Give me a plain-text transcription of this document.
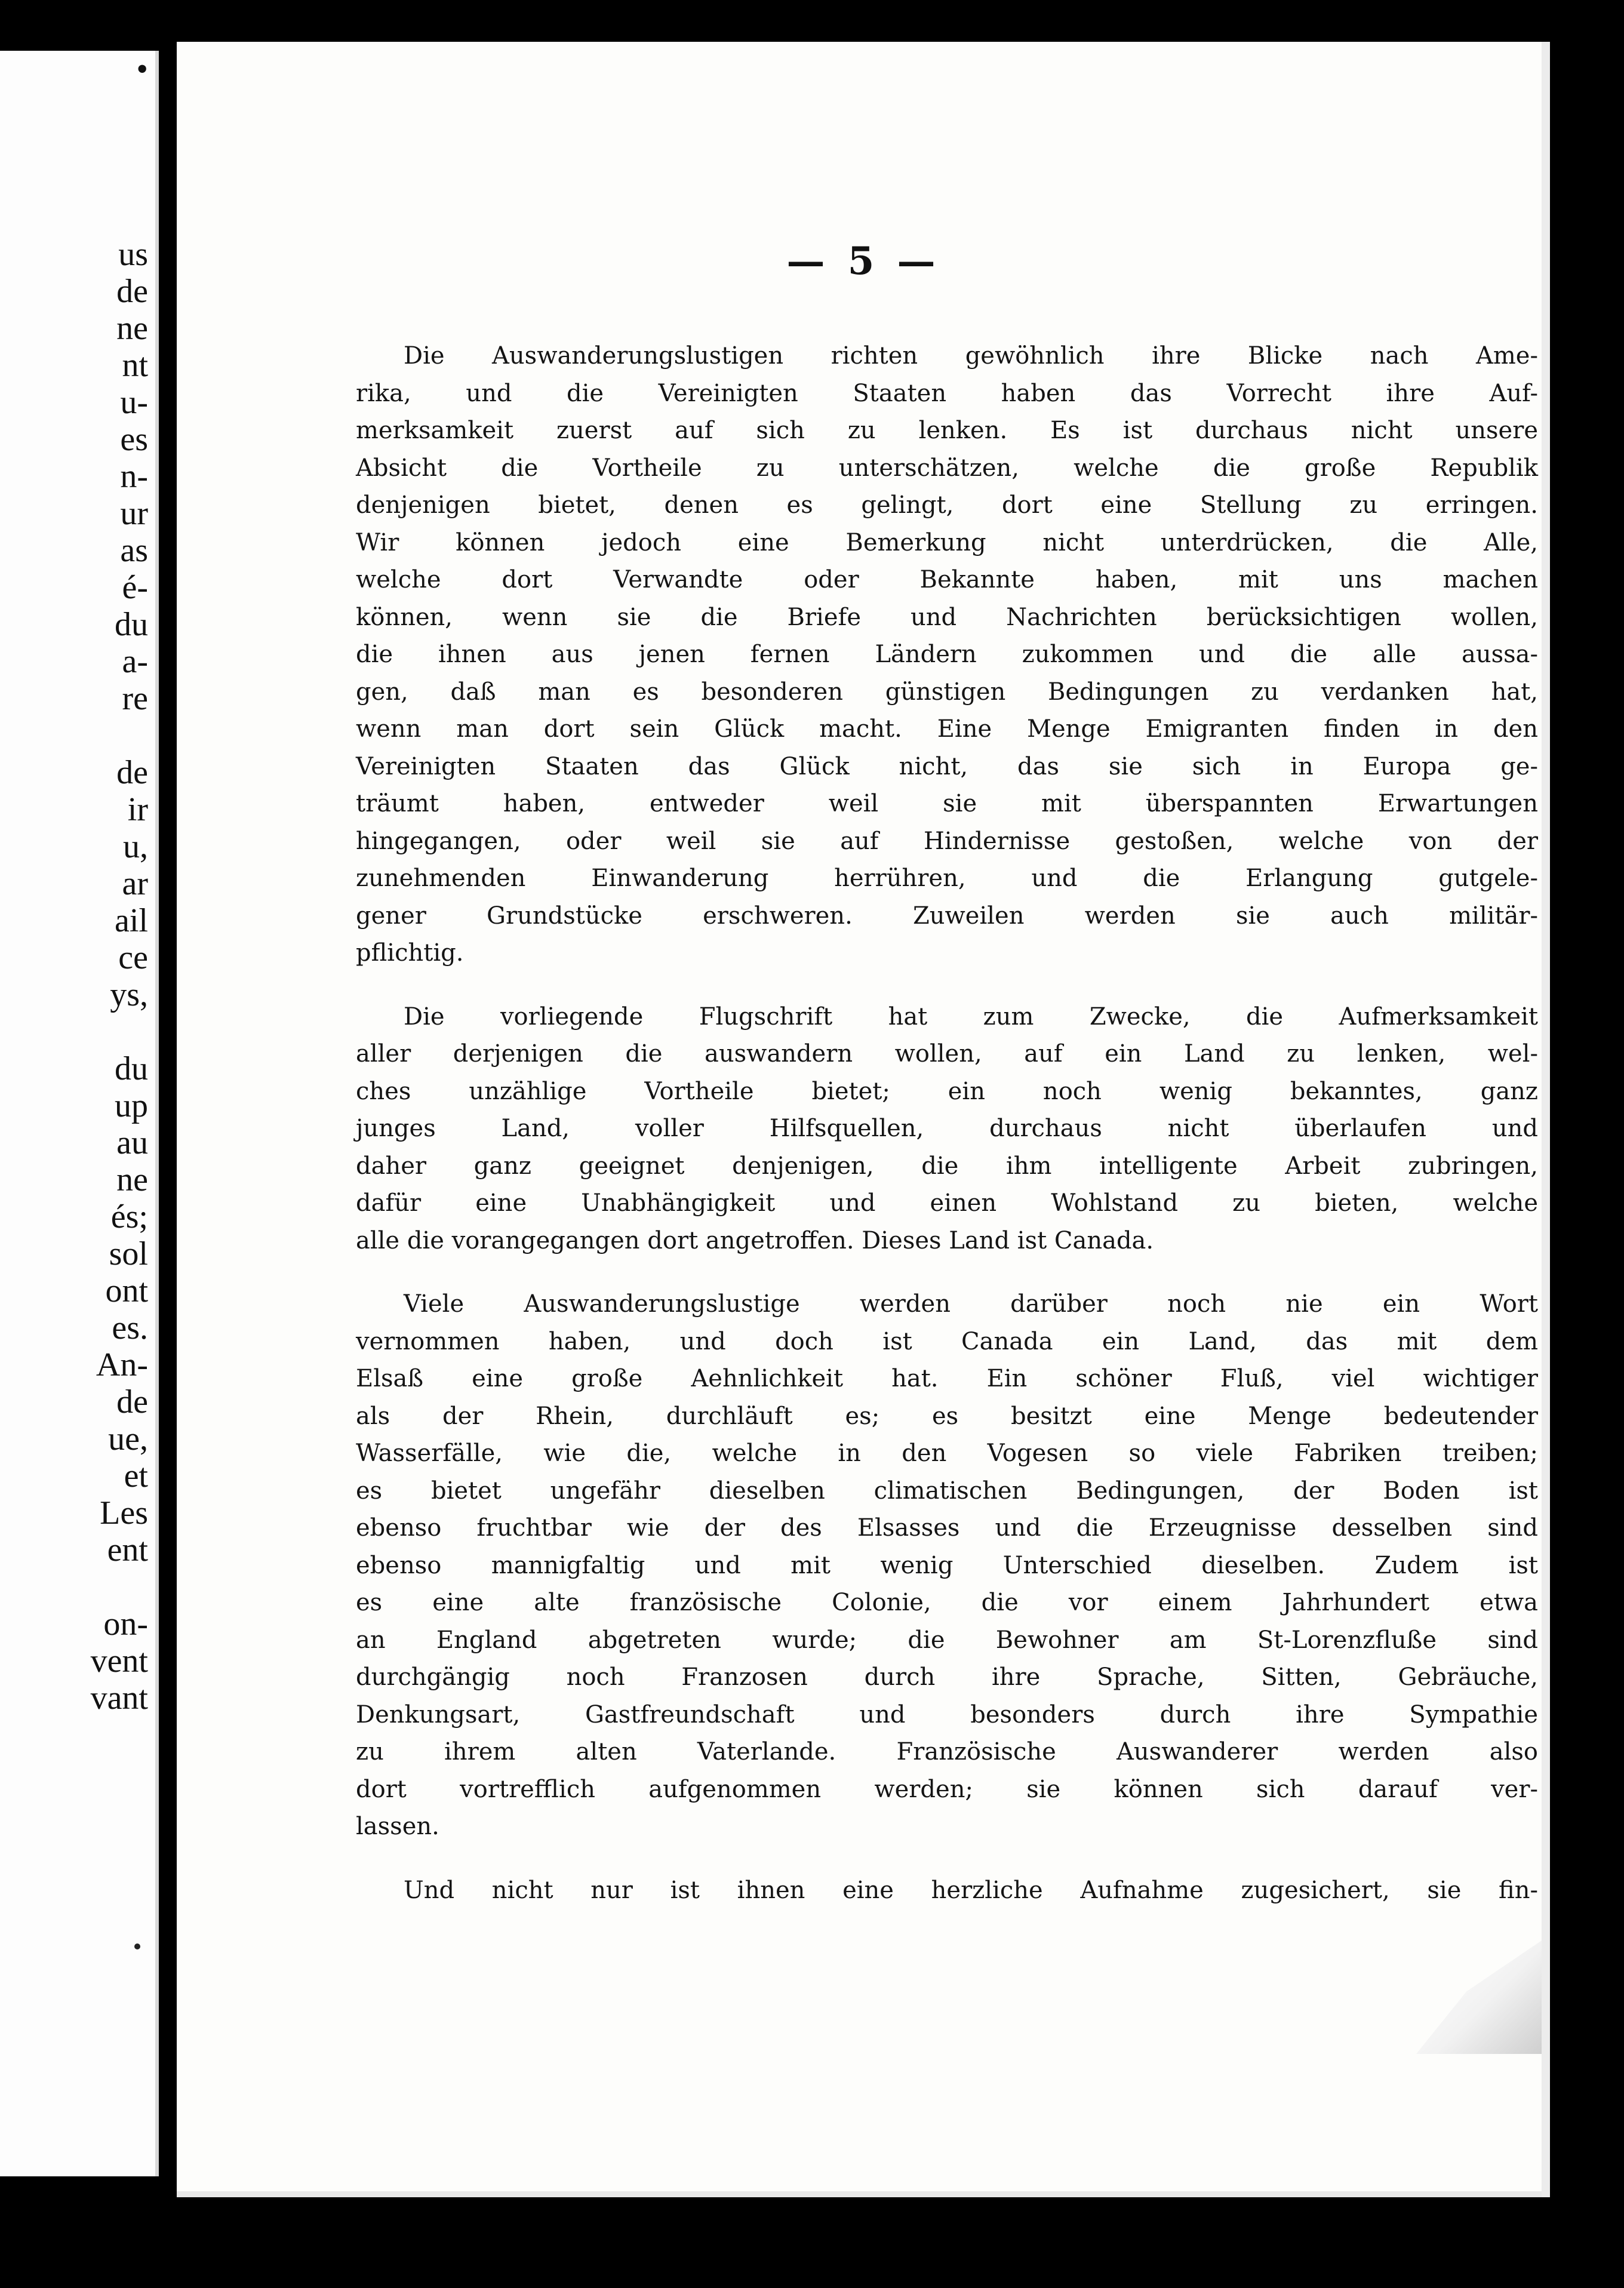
•
us
de
ne
nt
u-
es
n-
ur
as
é-
du
a-
re
de
ir
u,
ar
ail
ce
ys,
du
up
au
ne
és;
sol
ont
es.
An-
de
ue,
et
Les
ent
on-
vent
vant
— 5 —
Die Auswanderungslustigen richten gewöhnlich ihre Blicke nach Ame-
rika, und die Vereinigten Staaten haben das Vorrecht ihre Auf-
merksamkeit zuerst auf sich zu lenken. Es ist durchaus nicht unsere
Absicht die Vortheile zu unterschätzen, welche die große Republik
denjenigen bietet, denen es gelingt, dort eine Stellung zu erringen.
Wir können jedoch eine Bemerkung nicht unterdrücken, die Alle,
welche dort Verwandte oder Bekannte haben, mit uns machen
können, wenn sie die Briefe und Nachrichten berücksichtigen wollen,
die ihnen aus jenen fernen Ländern zukommen und die alle aussa-
gen, daß man es besonderen günstigen Bedingungen zu verdanken hat,
wenn man dort sein Glück macht. Eine Menge Emigranten finden in den
Vereinigten Staaten das Glück nicht, das sie sich in Europa ge-
träumt haben, entweder weil sie mit überspannten Erwartungen
hingegangen, oder weil sie auf Hindernisse gestoßen, welche von der
zunehmenden Einwanderung herrühren, und die Erlangung gutgele-
gener Grundstücke erschweren. Zuweilen werden sie auch militär-
pflichtig.
Die vorliegende Flugschrift hat zum Zwecke, die Aufmerksamkeit
aller derjenigen die auswandern wollen, auf ein Land zu lenken, wel-
ches unzählige Vortheile bietet; ein noch wenig bekanntes, ganz
junges Land, voller Hilfsquellen, durchaus nicht überlaufen und
daher ganz geeignet denjenigen, die ihm intelligente Arbeit zubringen,
dafür eine Unabhängigkeit und einen Wohlstand zu bieten, welche
alle die vorangegangen dort angetroffen. Dieses Land ist Canada.
Viele Auswanderungslustige werden darüber noch nie ein Wort
vernommen haben, und doch ist Canada ein Land, das mit dem
Elsaß eine große Aehnlichkeit hat. Ein schöner Fluß, viel wichtiger
als der Rhein, durchläuft es; es besitzt eine Menge bedeutender
Wasserfälle, wie die, welche in den Vogesen so viele Fabriken treiben;
es bietet ungefähr dieselben climatischen Bedingungen, der Boden ist
ebenso fruchtbar wie der des Elsasses und die Erzeugnisse desselben sind
ebenso mannigfaltig und mit wenig Unterschied dieselben. Zudem ist
es eine alte französische Colonie, die vor einem Jahrhundert etwa
an England abgetreten wurde; die Bewohner am St-Lorenzfluße sind
durchgängig noch Franzosen durch ihre Sprache, Sitten, Gebräuche,
Denkungsart, Gastfreundschaft und besonders durch ihre Sympathie
zu ihrem alten Vaterlande. Französische Auswanderer werden also
dort vortrefflich aufgenommen werden; sie können sich darauf ver-
lassen.
Und nicht nur ist ihnen eine herzliche Aufnahme zugesichert, sie fin-
